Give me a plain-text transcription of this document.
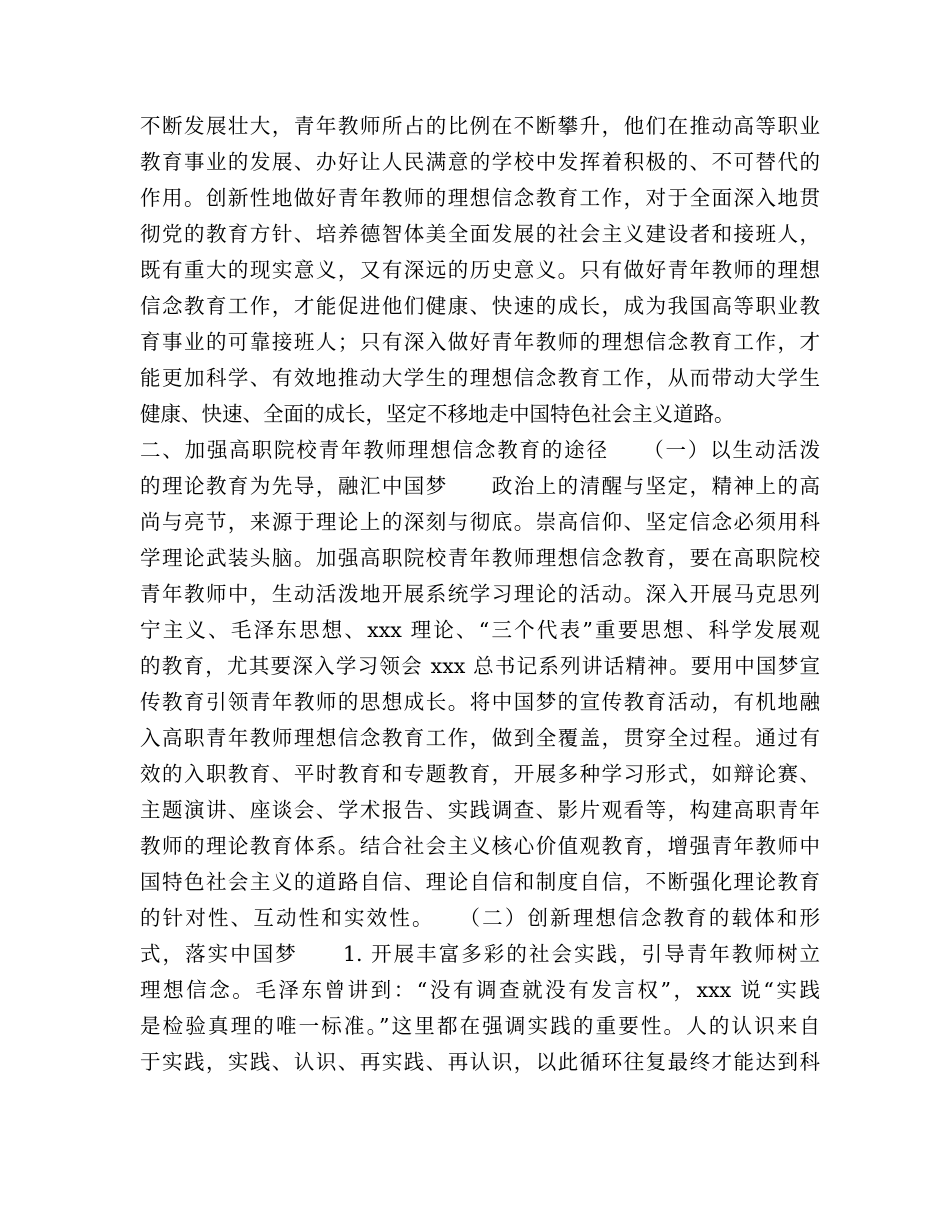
不断发展壮大，青年教师所占的比例在不断攀升，他们在推动高等职业
教育事业的发展、办好让人民满意的学校中发挥着积极的、不可替代的
作用。创新性地做好青年教师的理想信念教育工作，对于全面深入地贯
彻党的教育方针、培养德智体美全面发展的社会主义建设者和接班人，
既有重大的现实意义，又有深远的历史意义。只有做好青年教师的理想
信念教育工作，才能促进他们健康、快速的成长，成为我国高等职业教
育事业的可靠接班人；只有深入做好青年教师的理想信念教育工作，才
能更加科学、有效地推动大学生的理想信念教育工作，从而带动大学生
健康、快速、全面的成长，坚定不移地走中国特色社会主义道路。
二、加强高职院校青年教师理想信念教育的途径　　（一）以生动活泼
的理论教育为先导，融汇中国梦　　政治上的清醒与坚定，精神上的高
尚与亮节，来源于理论上的深刻与彻底。崇高信仰、坚定信念必须用科
学理论武装头脑。加强高职院校青年教师理想信念教育，要在高职院校
青年教师中，生动活泼地开展系统学习理论的活动。深入开展马克思列
宁主义、毛泽东思想、xxx 理论、“三个代表”重要思想、科学发展观
的教育，尤其要深入学习领会 xxx 总书记系列讲话精神。要用中国梦宣
传教育引领青年教师的思想成长。将中国梦的宣传教育活动，有机地融
入高职青年教师理想信念教育工作，做到全覆盖，贯穿全过程。通过有
效的入职教育、平时教育和专题教育，开展多种学习形式，如辩论赛、
主题演讲、座谈会、学术报告、实践调查、影片观看等，构建高职青年
教师的理论教育体系。结合社会主义核心价值观教育，增强青年教师中
国特色社会主义的道路自信、理论自信和制度自信，不断强化理论教育
的针对性、互动性和实效性。　　（二）创新理想信念教育的载体和形
式，落实中国梦　　1. 开展丰富多彩的社会实践，引导青年教师树立
理想信念。毛泽东曾讲到：“没有调查就没有发言权”，xxx 说“实践
是检验真理的唯一标准。”这里都在强调实践的重要性。人的认识来自
于实践，实践、认识、再实践、再认识，以此循环往复最终才能达到科
